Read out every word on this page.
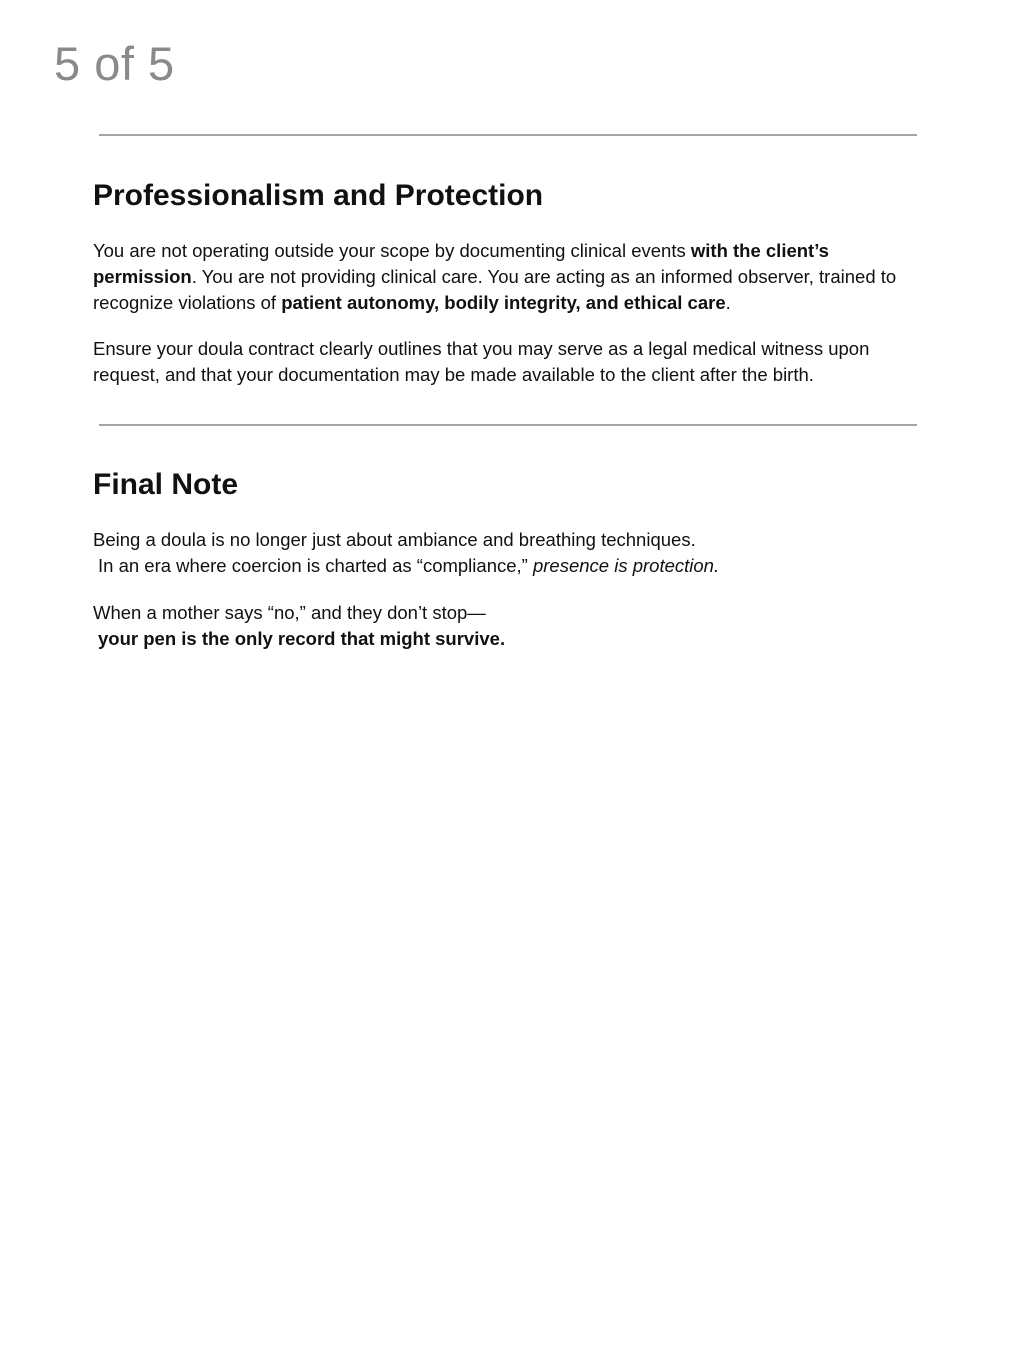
5 of 5
Professionalism and Protection

You are not operating outside your scope by documenting clinical events with the client’s permission. You are not providing clinical care. You are acting as an informed observer, trained to recognize violations of patient autonomy, bodily integrity, and ethical care.

Ensure your doula contract clearly outlines that you may serve as a legal medical witness upon request, and that your documentation may be made available to the client after the birth.

Final Note

Being a doula is no longer just about ambiance and breathing techniques.
In an era where coercion is charted as “compliance,” presence is protection.

When a mother says “no,” and they don’t stop—
your pen is the only record that might survive.
